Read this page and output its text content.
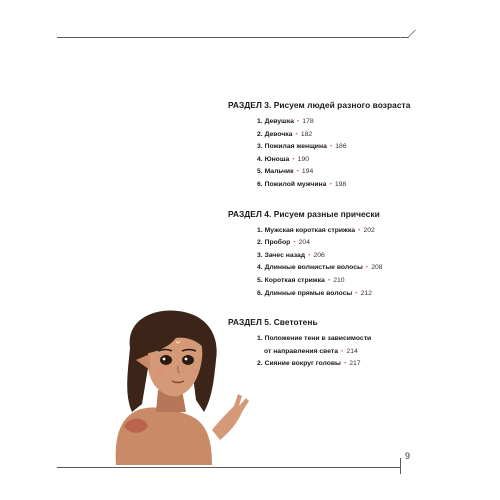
РАЗДЕЛ 3. Рисуем людей разного возраста
1. Девушка • 178
2. Девочка • 182
3. Пожилая женщина • 186
4. Юноша • 190
5. Мальчик • 194
6. Пожилой мужчина • 198
РАЗДЕЛ 4. Рисуем разные прически
1. Мужская короткая стрижка • 202
2. Пробор • 204
3. Зачес назад • 206
4. Длинные волнистые волосы • 208
5. Короткая стрижка • 210
6. Длинные прямые волосы • 212
РАЗДЕЛ 5. Светотень
1. Положение тени в зависимости
от направления света • 214
2. Сияние вокруг головы • 217
9
